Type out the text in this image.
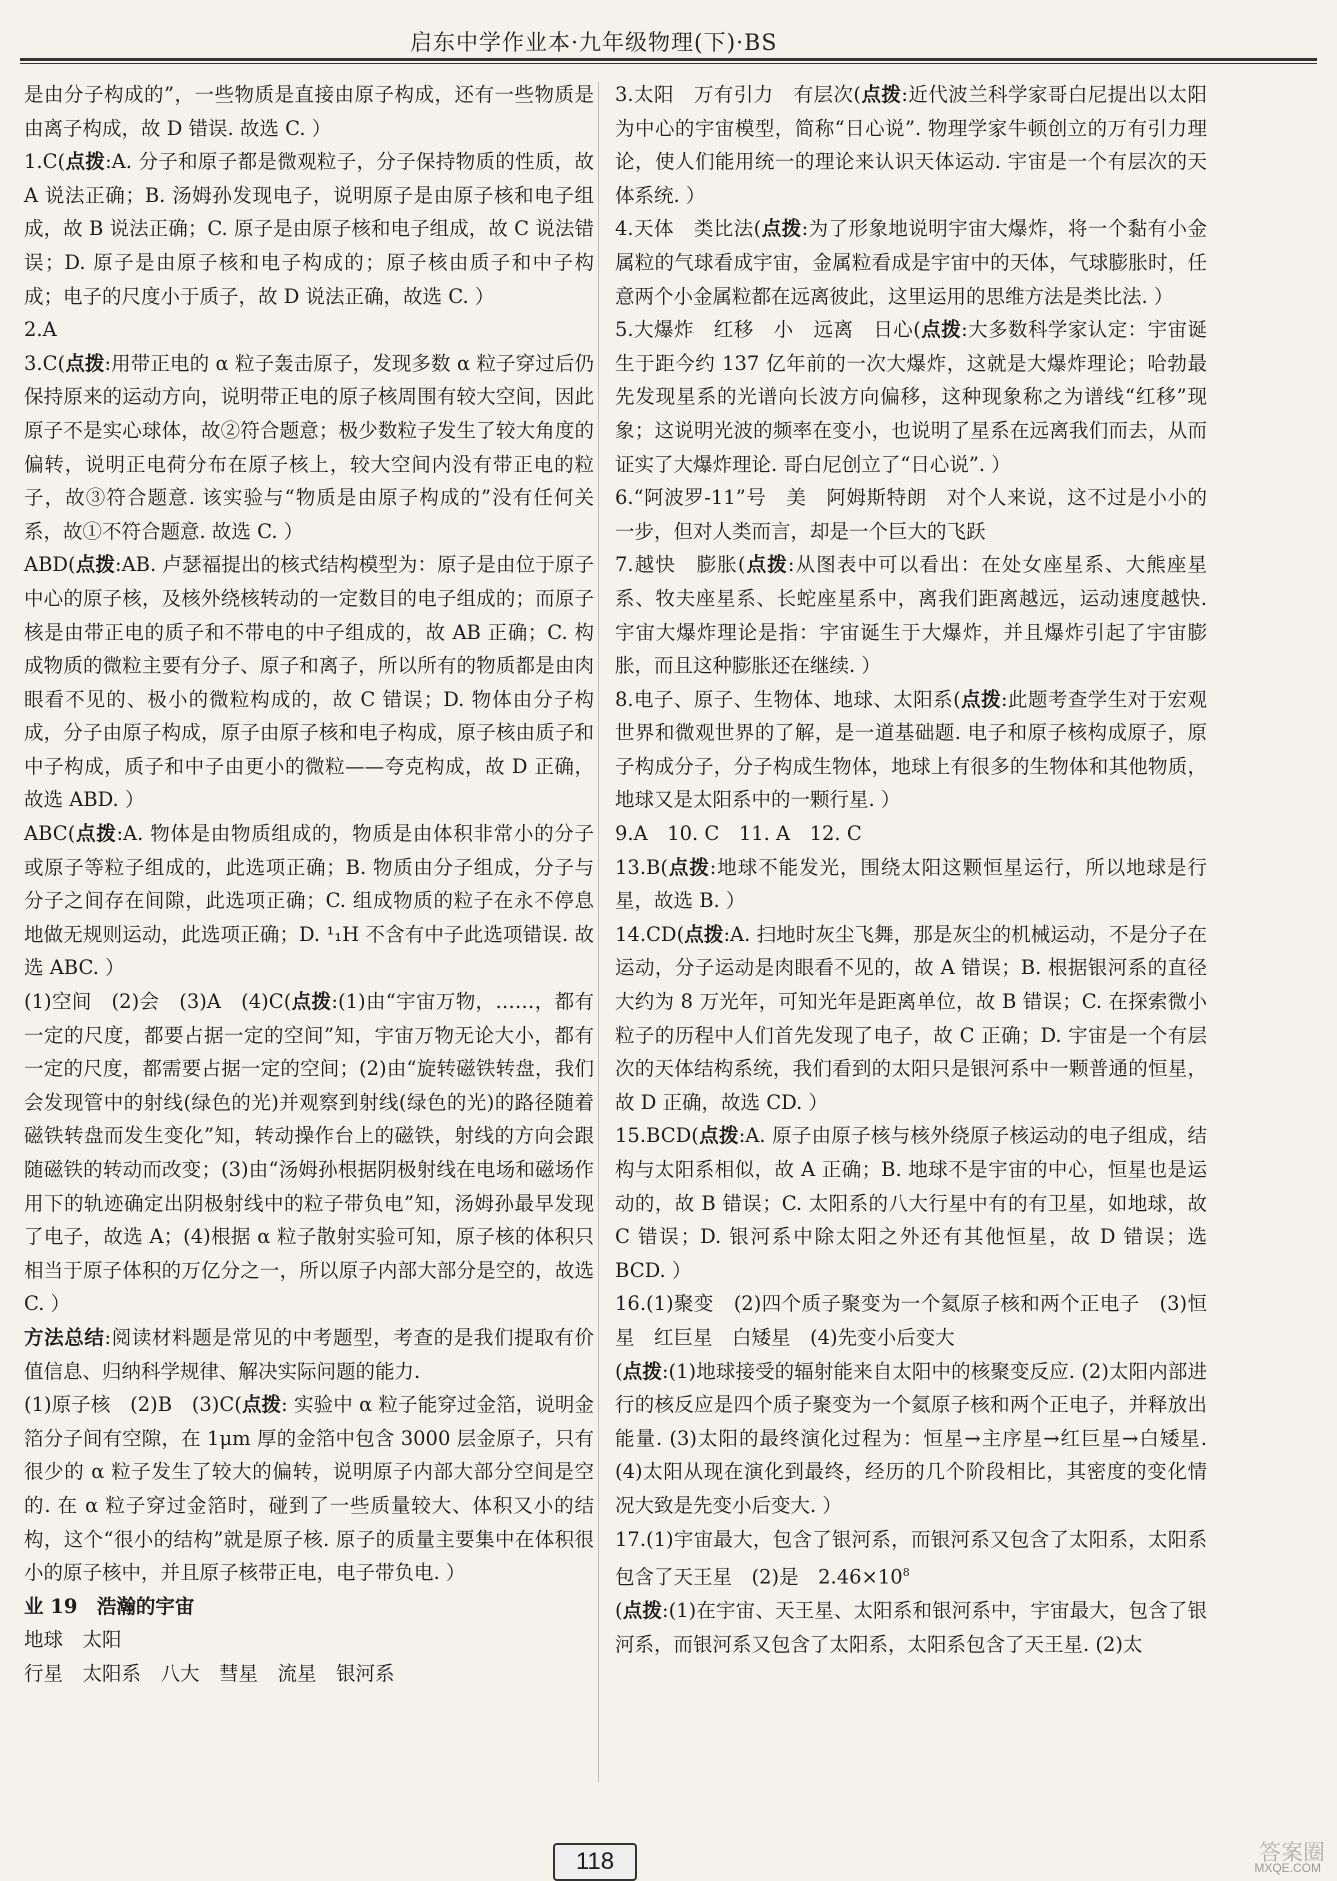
启东中学作业本·九年级物理(下)·BS
是由分子构成的”，一些物质是直接由原子构成，还有一些物质是由离子构成，故 D 错误. 故选 C. ）
1.C(点拨:A. 分子和原子都是微观粒子，分子保持物质的性质，故 A 说法正确；B. 汤姆孙发现电子，说明原子是由原子核和电子组成，故 B 说法正确；C. 原子是由原子核和电子组成，故 C 说法错误；D. 原子是由原子核和电子构成的；原子核由质子和中子构成；电子的尺度小于质子，故 D 说法正确，故选 C. ）
2.A
3.C(点拨:用带正电的 α 粒子轰击原子，发现多数 α 粒子穿过后仍保持原来的运动方向，说明带正电的原子核周围有较大空间，因此原子不是实心球体，故②符合题意；极少数粒子发生了较大角度的偏转，说明正电荷分布在原子核上，较大空间内没有带正电的粒子，故③符合题意. 该实验与“物质是由原子构成的”没有任何关系，故①不符合题意. 故选 C. ）
ABD(点拨:AB. 卢瑟福提出的核式结构模型为：原子是由位于原子中心的原子核，及核外绕核转动的一定数目的电子组成的；而原子核是由带正电的质子和不带电的中子组成的，故 AB 正确；C. 构成物质的微粒主要有分子、原子和离子，所以所有的物质都是由肉眼看不见的、极小的微粒构成的，故 C 错误；D. 物体由分子构成，分子由原子构成，原子由原子核和电子构成，原子核由质子和中子构成，质子和中子由更小的微粒——夸克构成，故 D 正确，故选 ABD. ）
ABC(点拨:A. 物体是由物质组成的，物质是由体积非常小的分子或原子等粒子组成的，此选项正确；B. 物质由分子组成，分子与分子之间存在间隙，此选项正确；C. 组成物质的粒子在永不停息地做无规则运动，此选项正确；D. ¹₁H 不含有中子此选项错误. 故选 ABC. ）
(1)空间　(2)会　(3)A　(4)C(点拨:(1)由“宇宙万物，……，都有一定的尺度，都要占据一定的空间”知，宇宙万物无论大小，都有一定的尺度，都需要占据一定的空间；(2)由“旋转磁铁转盘，我们会发现管中的射线(绿色的光)并观察到射线(绿色的光)的路径随着磁铁转盘而发生变化”知，转动操作台上的磁铁，射线的方向会跟随磁铁的转动而改变；(3)由“汤姆孙根据阴极射线在电场和磁场作用下的轨迹确定出阴极射线中的粒子带负电”知，汤姆孙最早发现了电子，故选 A；(4)根据 α 粒子散射实验可知，原子核的体积只相当于原子体积的万亿分之一，所以原子内部大部分是空的，故选 C. ）
方法总结:阅读材料题是常见的中考题型，考查的是我们提取有价值信息、归纳科学规律、解决实际问题的能力.
(1)原子核　(2)B　(3)C(点拨: 实验中 α 粒子能穿过金箔，说明金箔分子间有空隙，在 1μm 厚的金箔中包含 3000 层金原子，只有很少的 α 粒子发生了较大的偏转，说明原子内部大部分空间是空的. 在 α 粒子穿过金箔时，碰到了一些质量较大、体积又小的结构，这个“很小的结构”就是原子核. 原子的质量主要集中在体积很小的原子核中，并且原子核带正电，电子带负电. ）
业 19　浩瀚的宇宙
地球　太阳
行星　太阳系　八大　彗星　流星　银河系
3.太阳　万有引力　有层次(点拨:近代波兰科学家哥白尼提出以太阳为中心的宇宙模型，简称“日心说”. 物理学家牛顿创立的万有引力理论，使人们能用统一的理论来认识天体运动. 宇宙是一个有层次的天体系统. ）
4.天体　类比法(点拨:为了形象地说明宇宙大爆炸，将一个黏有小金属粒的气球看成宇宙，金属粒看成是宇宙中的天体，气球膨胀时，任意两个小金属粒都在远离彼此，这里运用的思维方法是类比法. ）
5.大爆炸　红移　小　远离　日心(点拨:大多数科学家认定：宇宙诞生于距今约 137 亿年前的一次大爆炸，这就是大爆炸理论；哈勃最先发现星系的光谱向长波方向偏移，这种现象称之为谱线“红移”现象；这说明光波的频率在变小，也说明了星系在远离我们而去，从而证实了大爆炸理论. 哥白尼创立了“日心说”. ）
6.“阿波罗-11”号　美　阿姆斯特朗　对个人来说，这不过是小小的一步，但对人类而言，却是一个巨大的飞跃
7.越快　膨胀(点拨:从图表中可以看出：在处女座星系、大熊座星系、牧夫座星系、长蛇座星系中，离我们距离越远，运动速度越快. 宇宙大爆炸理论是指：宇宙诞生于大爆炸，并且爆炸引起了宇宙膨胀，而且这种膨胀还在继续. ）
8.电子、原子、生物体、地球、太阳系(点拨:此题考查学生对于宏观世界和微观世界的了解，是一道基础题. 电子和原子核构成原子，原子构成分子，分子构成生物体，地球上有很多的生物体和其他物质，地球又是太阳系中的一颗行星. ）
9.A　10. C　11. A　12. C
13.B(点拨:地球不能发光，围绕太阳这颗恒星运行，所以地球是行星，故选 B. ）
14.CD(点拨:A. 扫地时灰尘飞舞，那是灰尘的机械运动，不是分子在运动，分子运动是肉眼看不见的，故 A 错误；B. 根据银河系的直径大约为 8 万光年，可知光年是距离单位，故 B 错误；C. 在探索微小粒子的历程中人们首先发现了电子，故 C 正确；D. 宇宙是一个有层次的天体结构系统，我们看到的太阳只是银河系中一颗普通的恒星，故 D 正确，故选 CD. ）
15.BCD(点拨:A. 原子由原子核与核外绕原子核运动的电子组成，结构与太阳系相似，故 A 正确；B. 地球不是宇宙的中心，恒星也是运动的，故 B 错误；C. 太阳系的八大行星中有的有卫星，如地球，故 C 错误；D. 银河系中除太阳之外还有其他恒星，故 D 错误；选 BCD. ）
16.(1)聚变　(2)四个质子聚变为一个氦原子核和两个正电子　(3)恒星　红巨星　白矮星　(4)先变小后变大
(点拨:(1)地球接受的辐射能来自太阳中的核聚变反应. (2)太阳内部进行的核反应是四个质子聚变为一个氦原子核和两个正电子，并释放出能量. (3)太阳的最终演化过程为：恒星→主序星→红巨星→白矮星. (4)太阳从现在演化到最终，经历的几个阶段相比，其密度的变化情况大致是先变小后变大. ）
17.(1)宇宙最大，包含了银河系，而银河系又包含了太阳系，太阳系包含了天王星　(2)是　$2.46\times 10^8$
(点拨:(1)在宇宙、天王星、太阳系和银河系中，宇宙最大，包含了银河系，而银河系又包含了太阳系，太阳系包含了天王星. (2)太
118	答案圈
MXQE.COM
